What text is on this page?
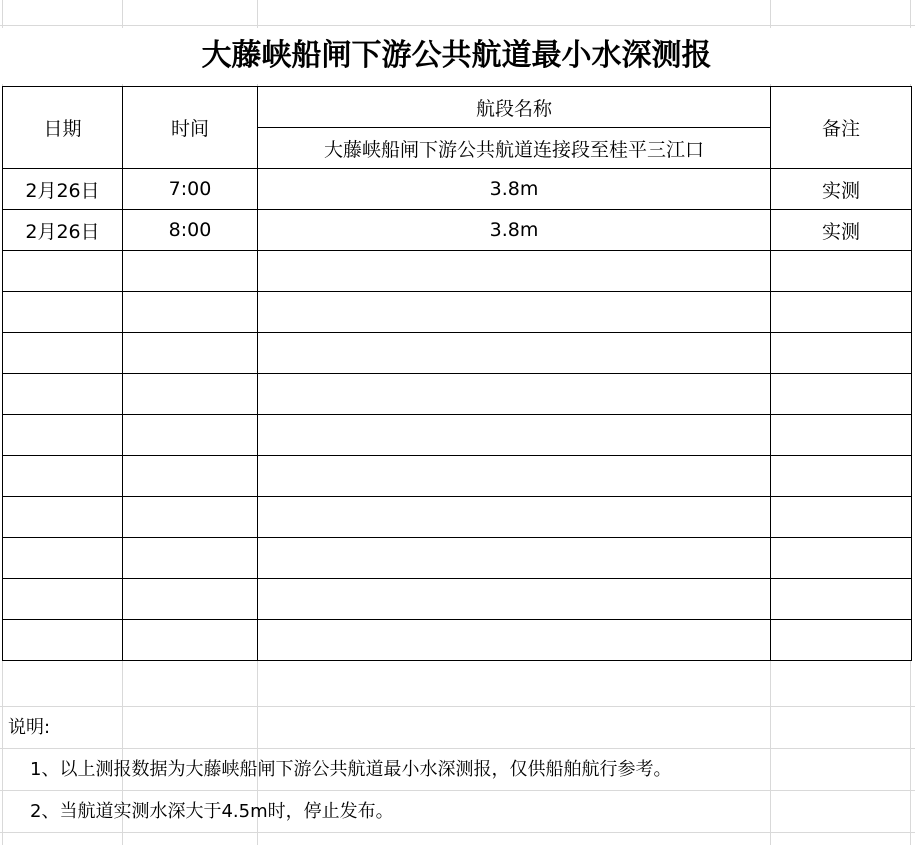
大藤峡船闸下游公共航道最小水深测报
日期	时间	航段名称	备注
		大藤峡船闸下游公共航道连接段至桂平三江口	
2月26日	7:00	3.8m	实测
2月26日	8:00	3.8m	实测

说明:
1、以上测报数据为大藤峡船闸下游公共航道最小水深测报，仅供船舶航行参考。
2、当航道实测水深大于4.5m时，停止发布。
